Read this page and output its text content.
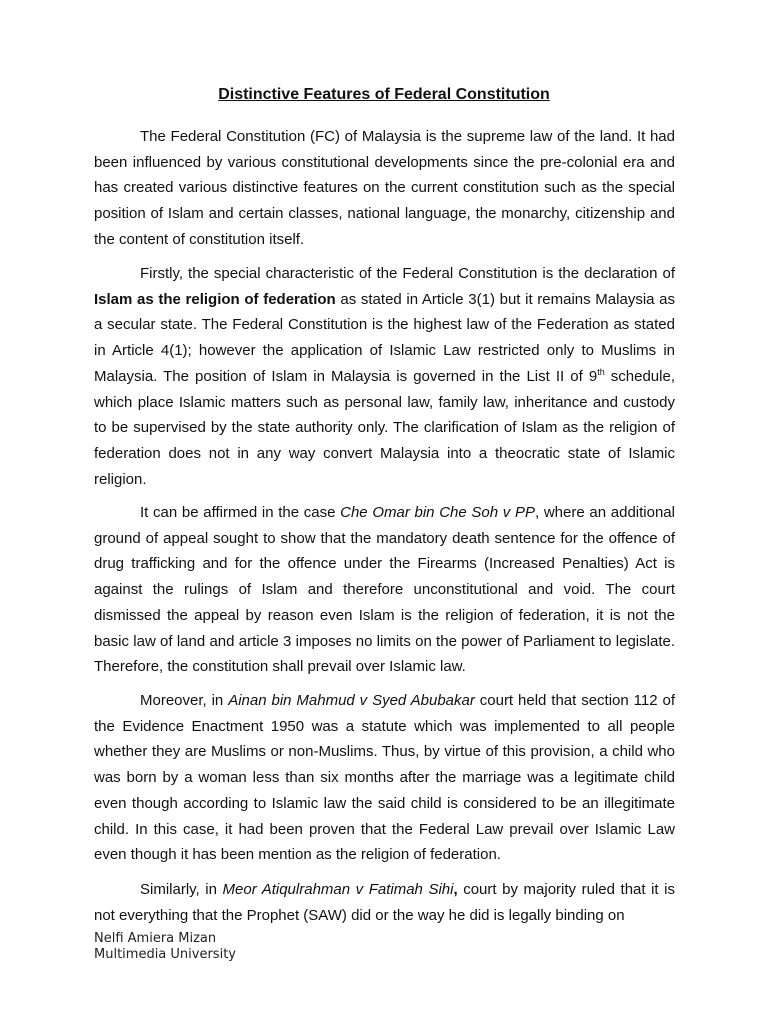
Distinctive Features of Federal Constitution

The Federal Constitution (FC) of Malaysia is the supreme law of the land. It had been influenced by various constitutional developments since the pre-colonial era and has created various distinctive features on the current constitution such as the special position of Islam and certain classes, national language, the monarchy, citizenship and the content of constitution itself.

Firstly, the special characteristic of the Federal Constitution is the declaration of Islam as the religion of federation as stated in Article 3(1) but it remains Malaysia as a secular state. The Federal Constitution is the highest law of the Federation as stated in Article 4(1); however the application of Islamic Law restricted only to Muslims in Malaysia. The position of Islam in Malaysia is governed in the List II of 9th schedule, which place Islamic matters such as personal law, family law, inheritance and custody to be supervised by the state authority only. The clarification of Islam as the religion of federation does not in any way convert Malaysia into a theocratic state of Islamic religion.

It can be affirmed in the case Che Omar bin Che Soh v PP, where an additional ground of appeal sought to show that the mandatory death sentence for the offence of drug trafficking and for the offence under the Firearms (Increased Penalties) Act is against the rulings of Islam and therefore unconstitutional and void. The court dismissed the appeal by reason even Islam is the religion of federation, it is not the basic law of land and article 3 imposes no limits on the power of Parliament to legislate. Therefore, the constitution shall prevail over Islamic law.

Moreover, in Ainan bin Mahmud v Syed Abubakar court held that section 112 of the Evidence Enactment 1950 was a statute which was implemented to all people whether they are Muslims or non-Muslims. Thus, by virtue of this provision, a child who was born by a woman less than six months after the marriage was a legitimate child even though according to Islamic law the said child is considered to be an illegitimate child. In this case, it had been proven that the Federal Law prevail over Islamic Law even though it has been mention as the religion of federation.

Similarly, in Meor Atiqulrahman v Fatimah Sihi, court by majority ruled that it is not everything that the Prophet (SAW) did or the way he did is legally binding on

Nelfi Amiera Mizan
Multimedia University
